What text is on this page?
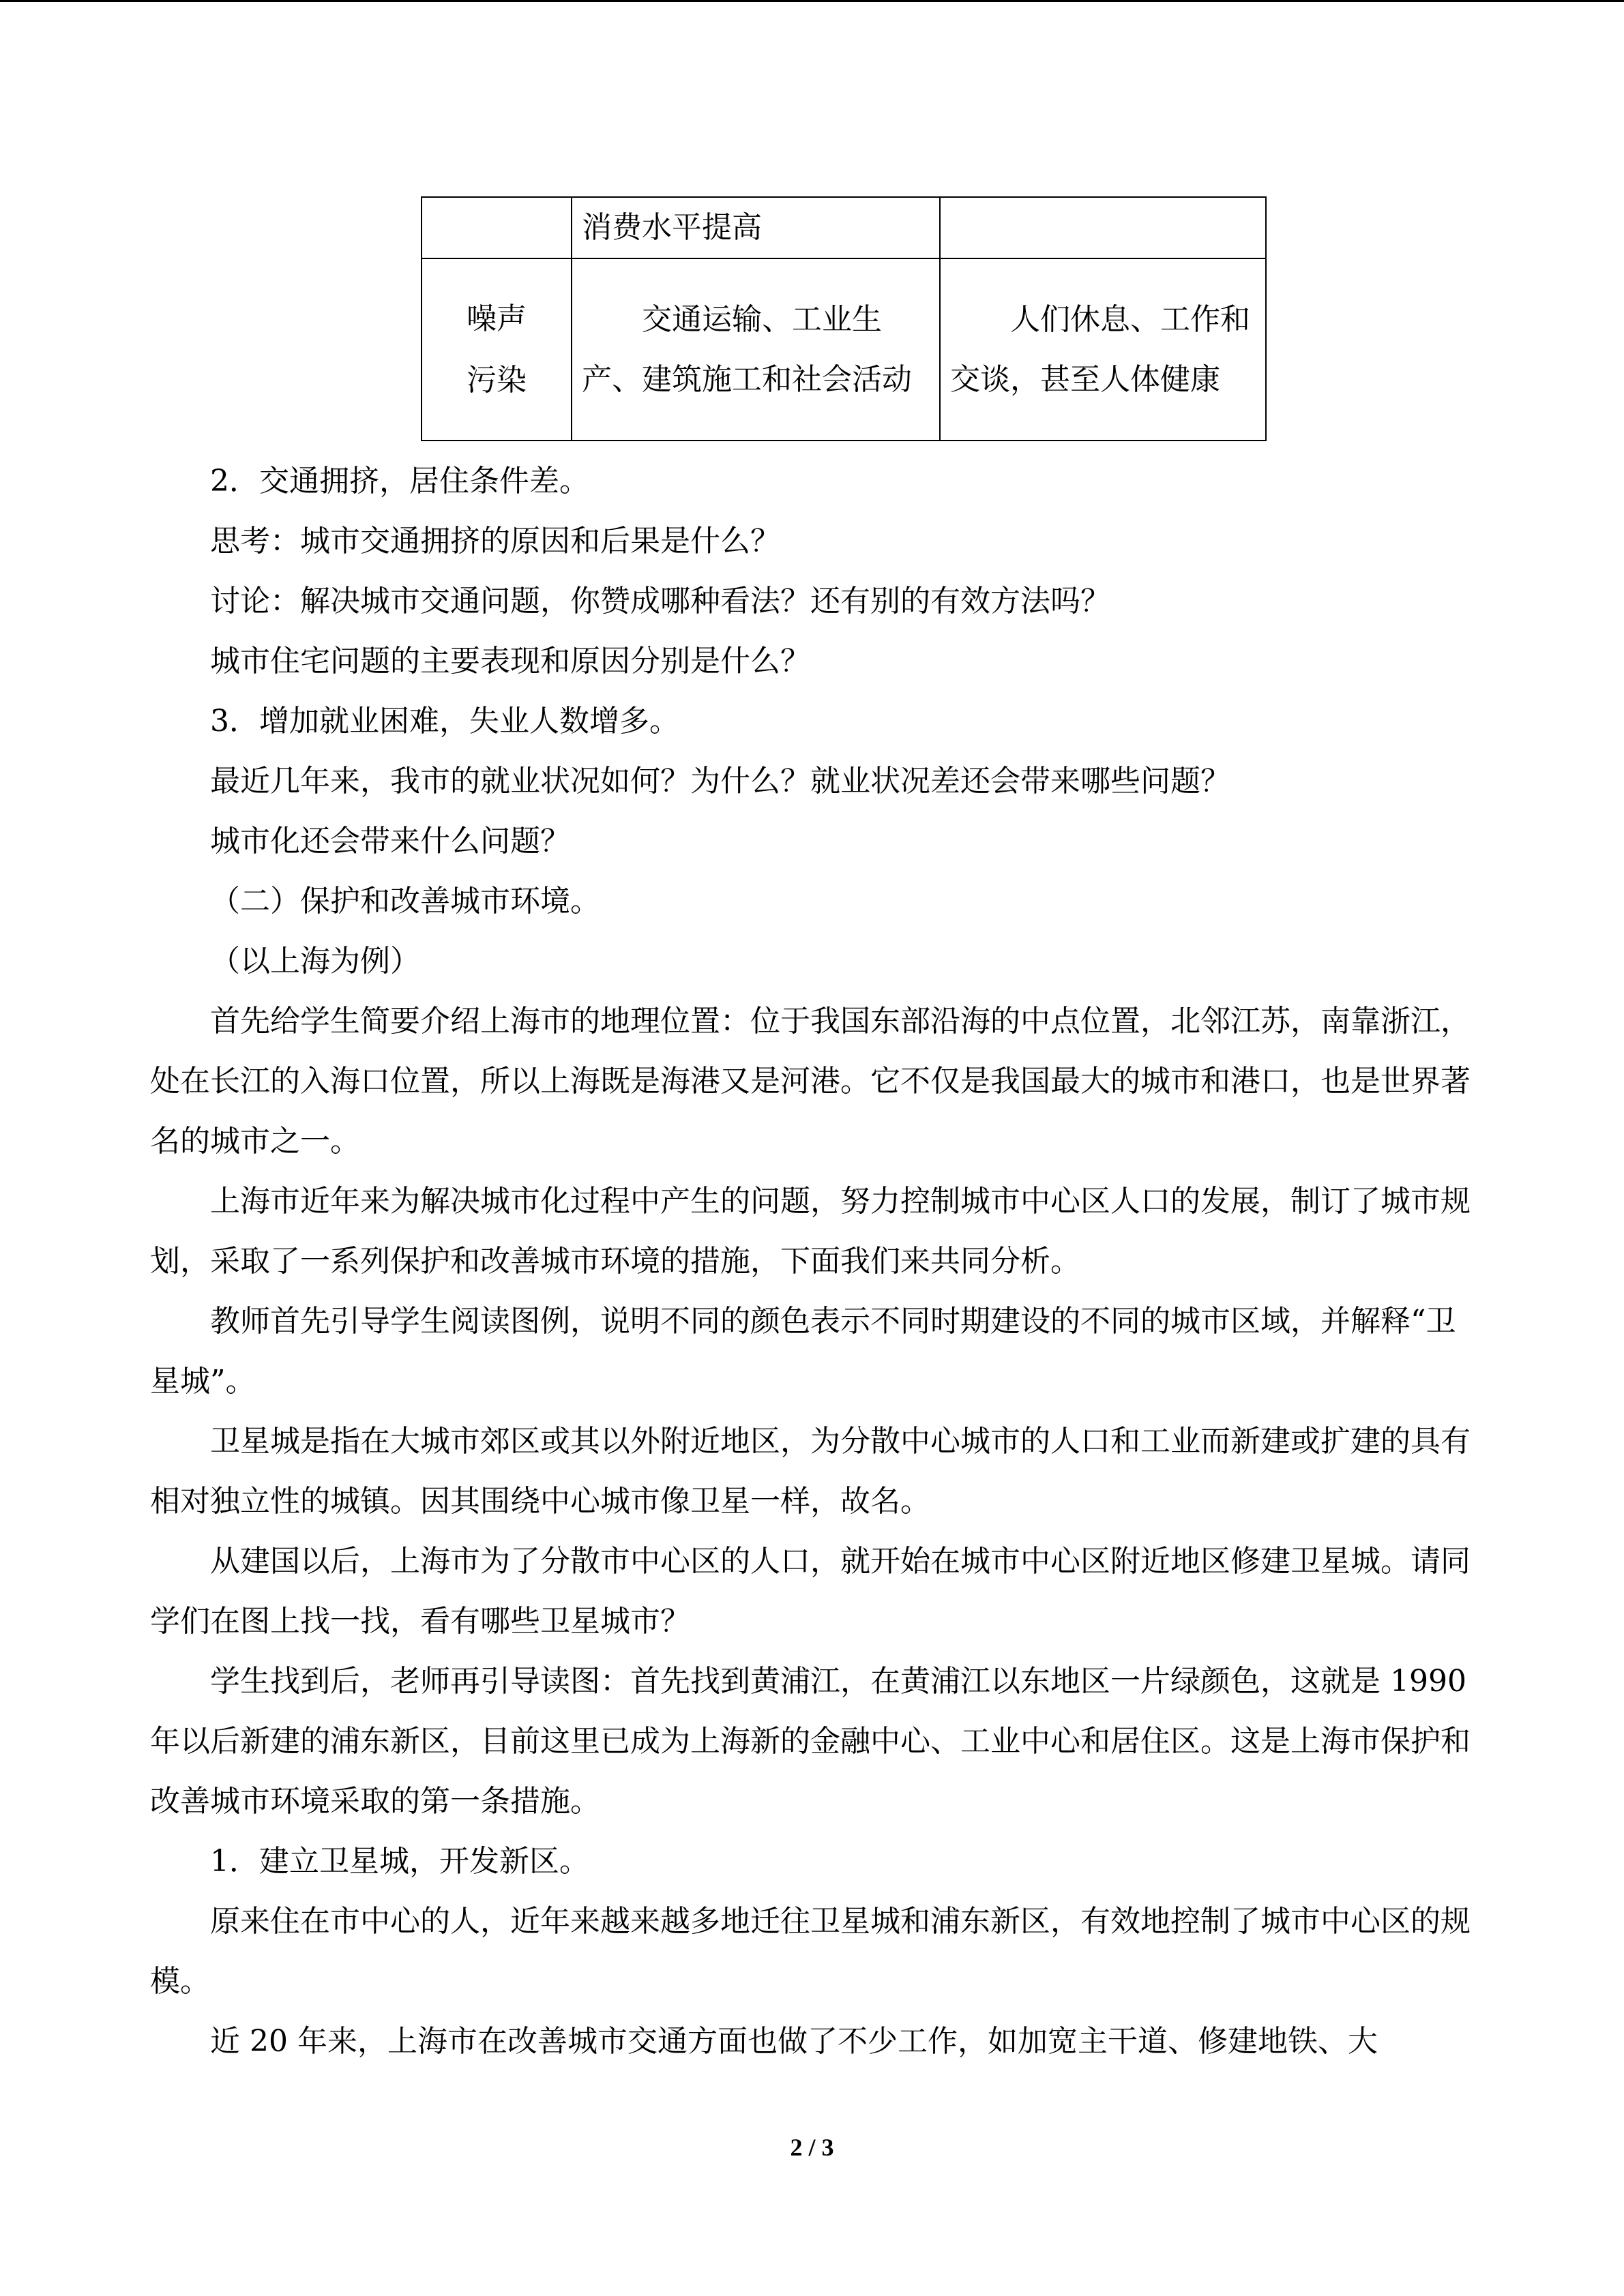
	消费水平提高	

噪声
污染	交通运输、工业生产、建筑施工和社会活动	人们休息、工作和交谈，甚至人体健康

2．交通拥挤，居住条件差。

思考：城市交通拥挤的原因和后果是什么？

讨论：解决城市交通问题，你赞成哪种看法？还有别的有效方法吗？

城市住宅问题的主要表现和原因分别是什么？

3．增加就业困难，失业人数增多。

最近几年来，我市的就业状况如何？为什么？就业状况差还会带来哪些问题？

城市化还会带来什么问题？

（二）保护和改善城市环境。

（以上海为例）

首先给学生简要介绍上海市的地理位置：位于我国东部沿海的中点位置，北邻江苏，南靠浙江，处在长江的入海口位置，所以上海既是海港又是河港。它不仅是我国最大的城市和港口，也是世界著名的城市之一。

上海市近年来为解决城市化过程中产生的问题，努力控制城市中心区人口的发展，制订了城市规划，采取了一系列保护和改善城市环境的措施，下面我们来共同分析。

教师首先引导学生阅读图例，说明不同的颜色表示不同时期建设的不同的城市区域，并解释“卫星城”。

卫星城是指在大城市郊区或其以外附近地区，为分散中心城市的人口和工业而新建或扩建的具有相对独立性的城镇。因其围绕中心城市像卫星一样，故名。

从建国以后，上海市为了分散市中心区的人口，就开始在城市中心区附近地区修建卫星城。请同学们在图上找一找，看有哪些卫星城市？

学生找到后，老师再引导读图：首先找到黄浦江，在黄浦江以东地区一片绿颜色，这就是 1990 年以后新建的浦东新区，目前这里已成为上海新的金融中心、工业中心和居住区。这是上海市保护和改善城市环境采取的第一条措施。

1．建立卫星城，开发新区。

原来住在市中心的人，近年来越来越多地迁往卫星城和浦东新区，有效地控制了城市中心区的规模。

近 20 年来，上海市在改善城市交通方面也做了不少工作，如加宽主干道、修建地铁、大

2 / 3
